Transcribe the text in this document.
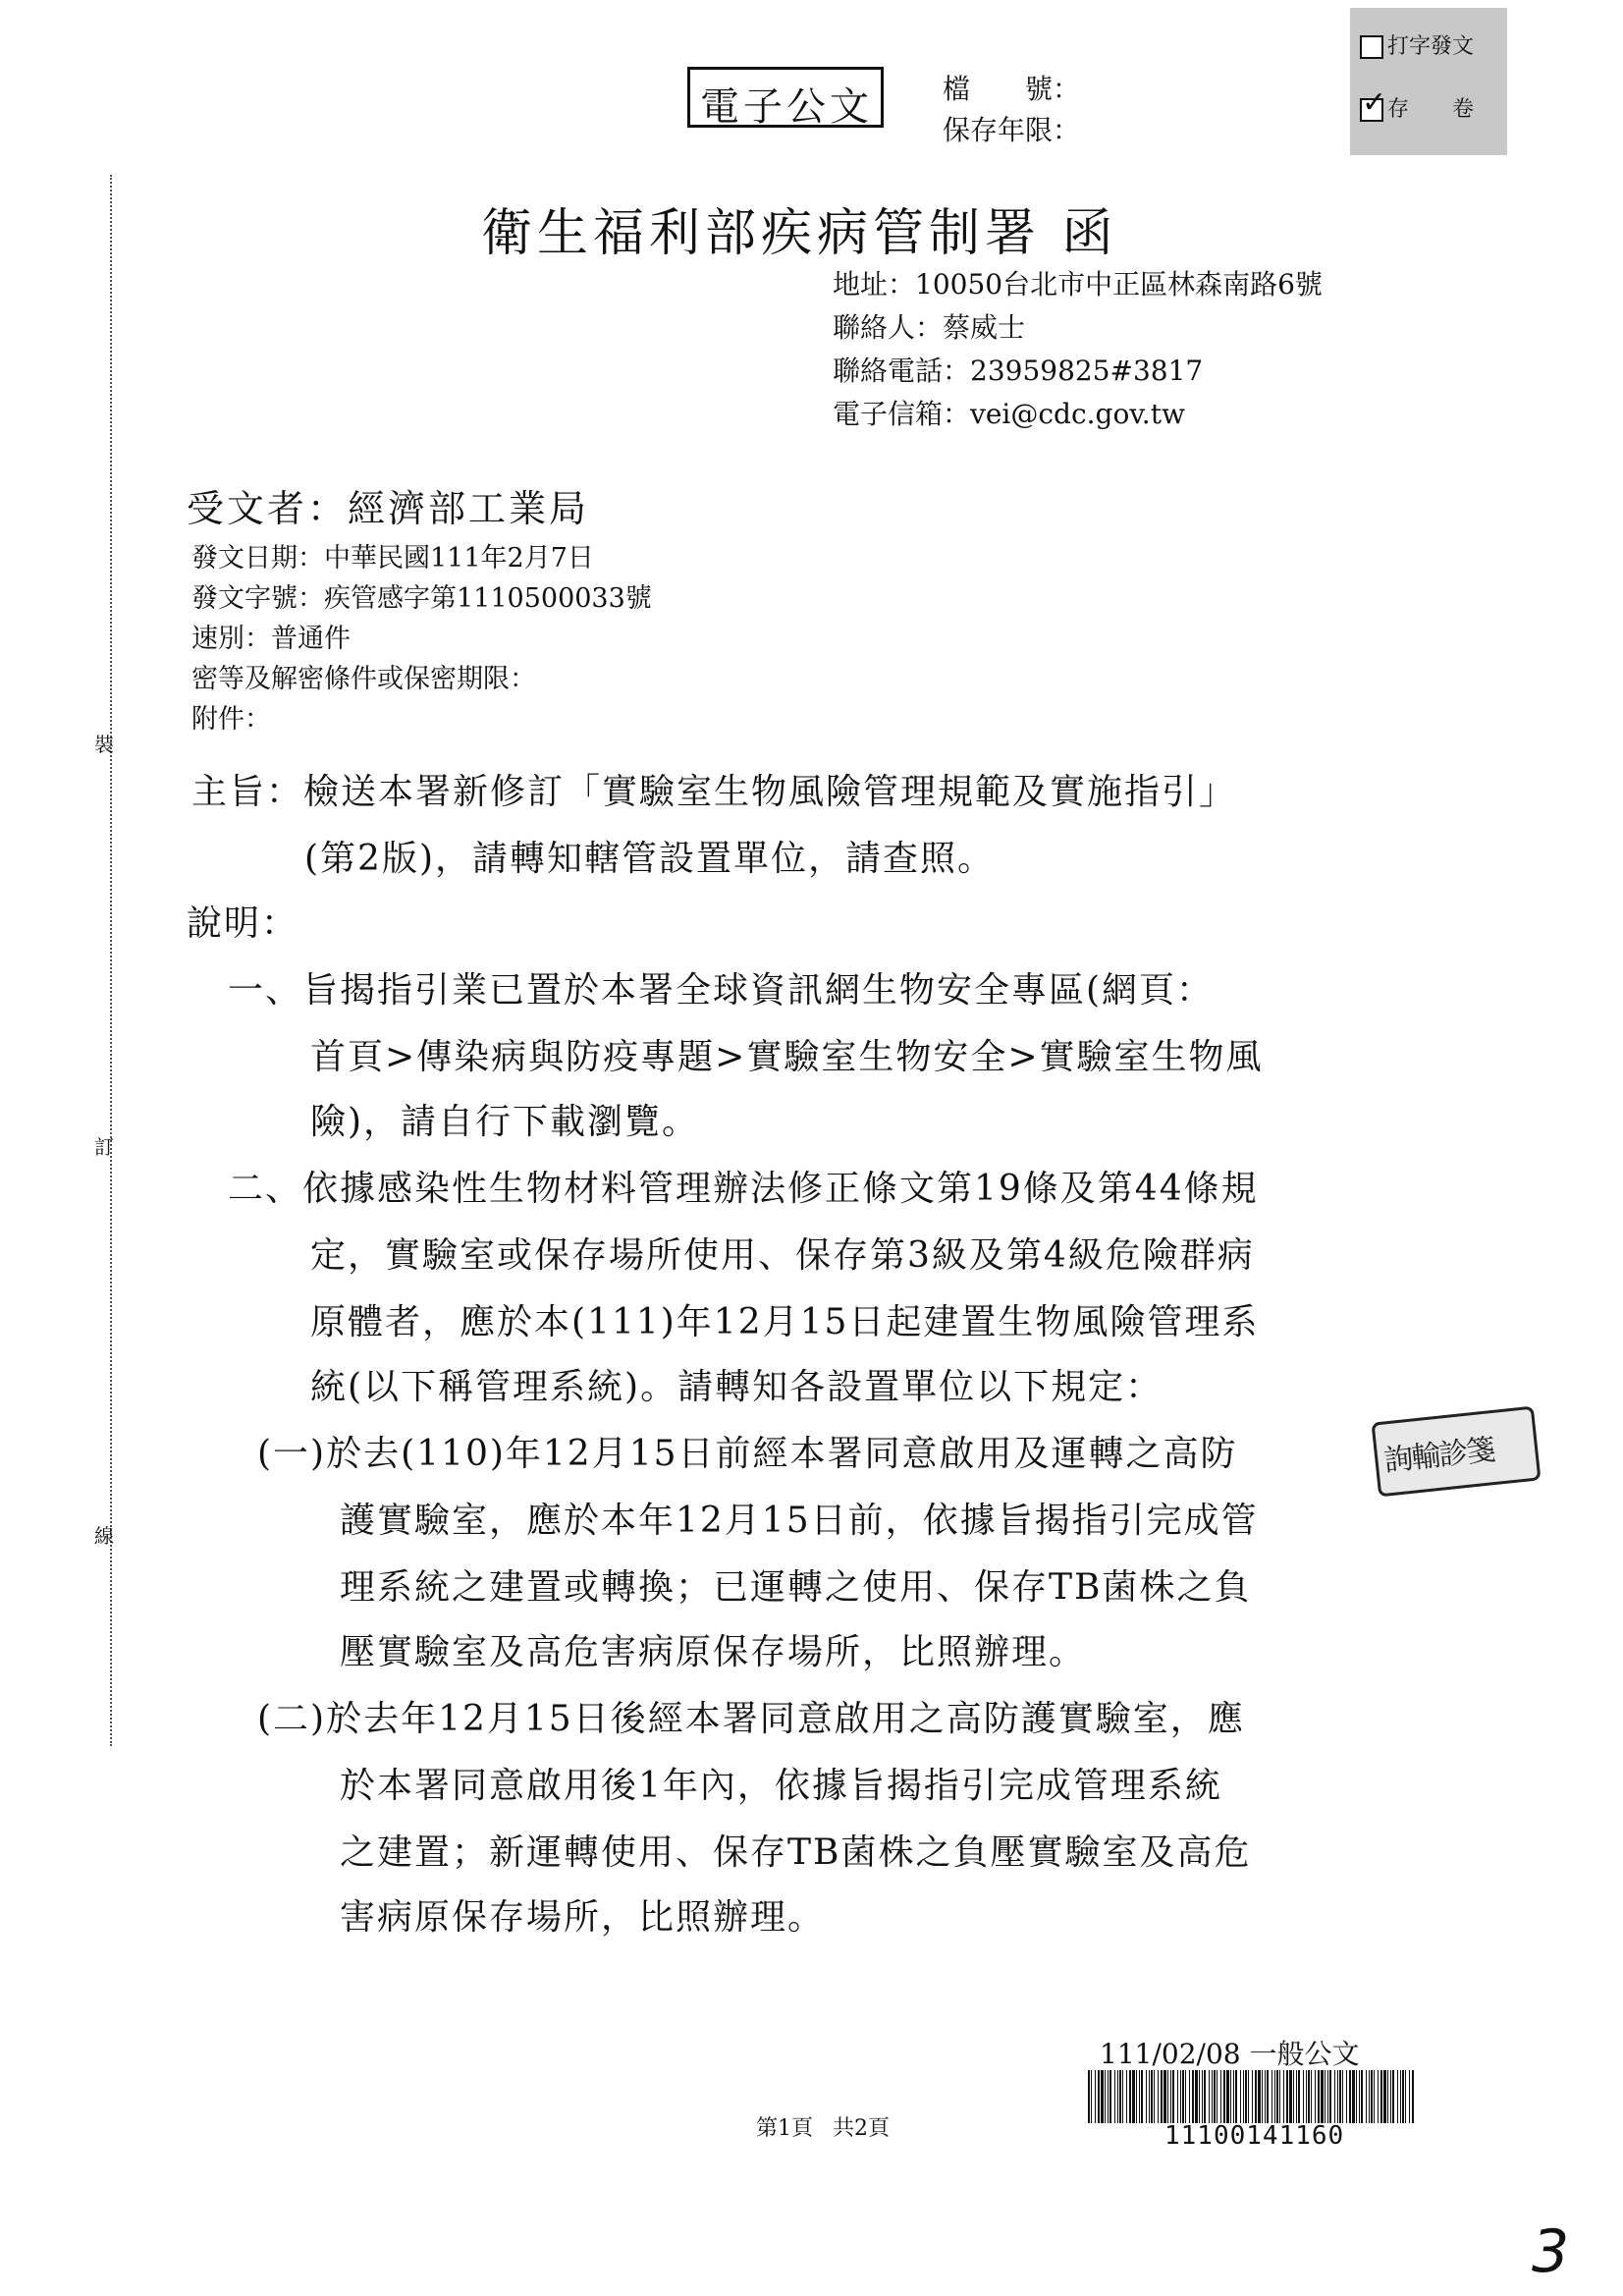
電子公文	檔　　號：
保存年限：
打字發文
✓存　　卷
衛生福利部疾病管制署 函
地址：10050台北市中正區林森南路6號
聯絡人：蔡威士
聯絡電話：23959825#3817
電子信箱：vei@cdc.gov.tw
裝
訂
線
受文者：經濟部工業局
發文日期：中華民國111年2月7日
發文字號：疾管感字第1110500033號
速別：普通件
密等及解密條件或保密期限：
附件：
主旨：檢送本署新修訂「實驗室生物風險管理規範及實施指引」
(第2版)，請轉知轄管設置單位，請查照。
說明：
一、旨揭指引業已置於本署全球資訊網生物安全專區(網頁：
首頁>傳染病與防疫專題>實驗室生物安全>實驗室生物風
險)，請自行下載瀏覽。
二、依據感染性生物材料管理辦法修正條文第19條及第44條規
定，實驗室或保存場所使用、保存第3級及第4級危險群病
原體者，應於本(111)年12月15日起建置生物風險管理系
統(以下稱管理系統)。請轉知各設置單位以下規定：
(一)於去(110)年12月15日前經本署同意啟用及運轉之高防
護實驗室，應於本年12月15日前，依據旨揭指引完成管
理系統之建置或轉換；已運轉之使用、保存TB菌株之負
壓實驗室及高危害病原保存場所，比照辦理。
(二)於去年12月15日後經本署同意啟用之高防護實驗室，應
於本署同意啟用後1年內，依據旨揭指引完成管理系統
之建置；新運轉使用、保存TB菌株之負壓實驗室及高危
害病原保存場所，比照辦理。
詢輸診箋
111/02/08 一般公文
11100141160
第1頁 共2頁
3
